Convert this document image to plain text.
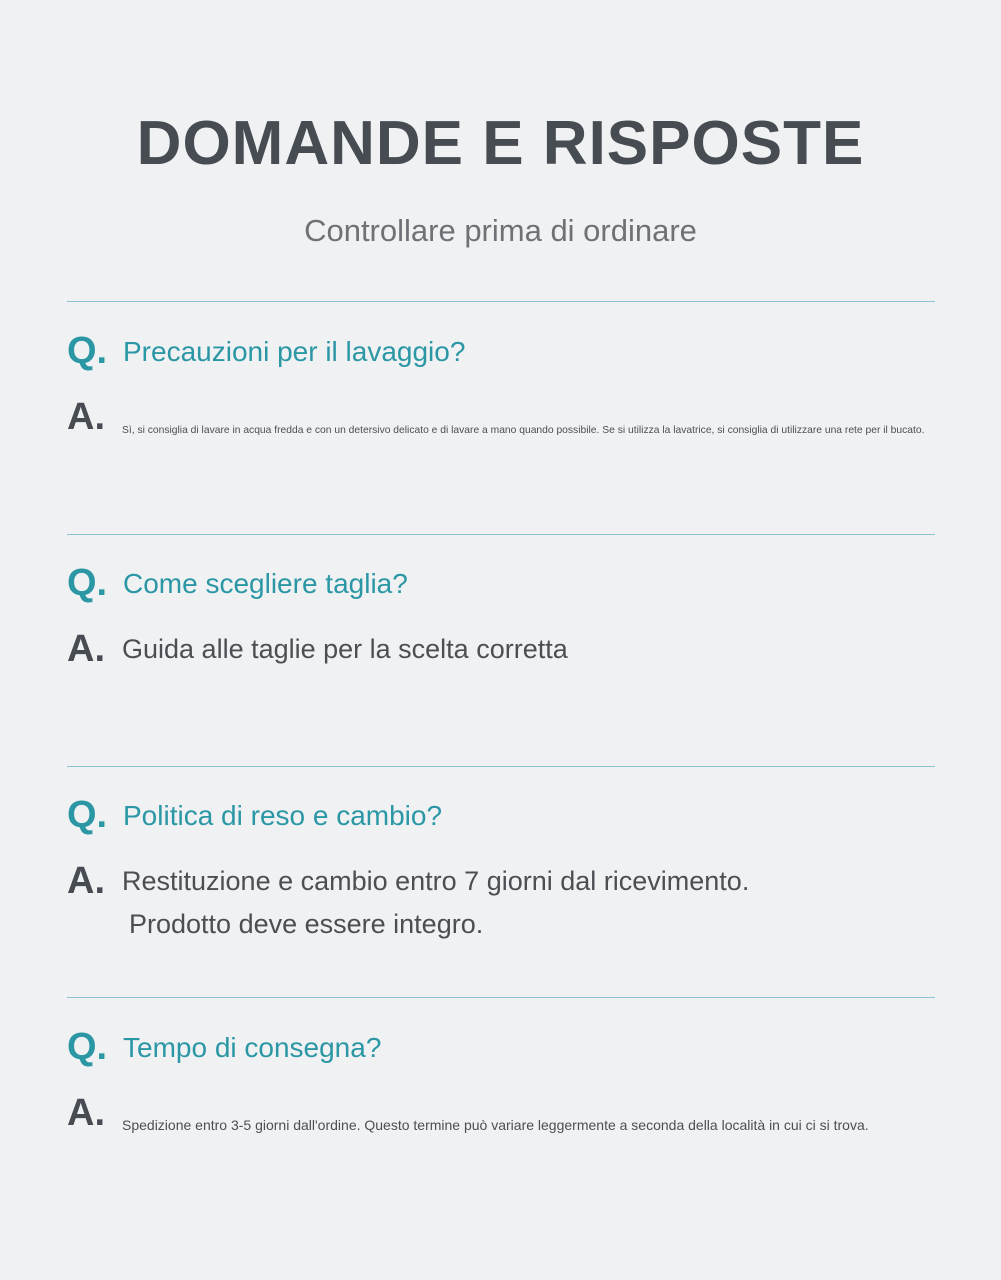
DOMANDE E RISPOSTE

Controllare prima di ordinare

Q. Precauzioni per il lavaggio?
A. Sì, si consiglia di lavare in acqua fredda e con un detersivo delicato e di lavare a mano quando possibile. Se si utilizza la lavatrice, si consiglia di utilizzare una rete per il bucato.
Q. Come scegliere taglia?
A. Guida alle taglie per la scelta corretta
Q. Politica di reso e cambio?
A. Restituzione e cambio entro 7 giorni dal ricevimento.
Prodotto deve essere integro.
Q. Tempo di consegna?
A. Spedizione entro 3-5 giorni dall'ordine. Questo termine può variare leggermente a seconda della località in cui ci si trova.
